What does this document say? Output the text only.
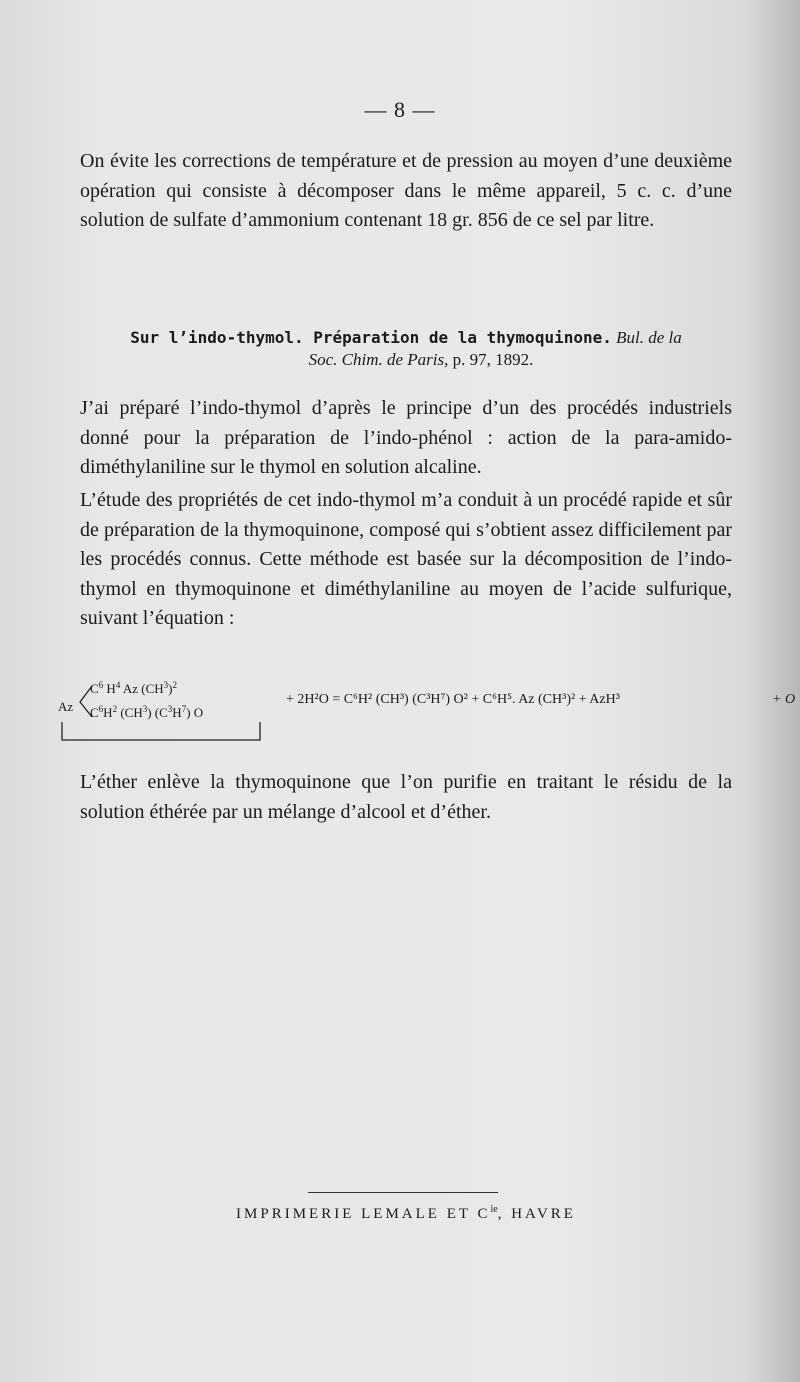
— 8 —

On évite les corrections de température et de pression au moyen d’une deuxième opération qui consiste à décomposer dans le même appareil, 5 c. c. d’une solution de sulfate d’ammonium contenant 18 gr. 856 de ce sel par litre.

Sur l’indo-thymol. Préparation de la thymoquinone. Bul. de la
Soc. Chim. de Paris, p. 97, 1892.

J’ai préparé l’indo-thymol d’après le principe d’un des procédés industriels donné pour la préparation de l’indo-phénol : action de la para-amido-diméthylaniline sur le thymol en solution alcaline.

L’étude des propriétés de cet indo-thymol m’a conduit à un procédé rapide et sûr de préparation de la thymoquinone, composé qui s’obtient assez difficilement par les procédés connus. Cette méthode est basée sur la décomposition de l’indo-thymol en thymoquinone et diméthylaniline au moyen de l’acide sulfurique, suivant l’équation :

Az
$C^6$ $H^4$ Az $(CH^3)^2$
$C^6H^2$ $(CH^3)$ $(C^3H^7)$ O
+ 2H²O = C⁶H² (CH³) (C³H⁷) O² + C⁶H⁵. Az (CH³)² + AzH³	+ O

L’éther enlève la thymoquinone que l’on purifie en traitant le résidu de la solution éthérée par un mélange d’alcool et d’éther.

IMPRIMERIE LEMALE ET $C^{ie}$, HAVRE
